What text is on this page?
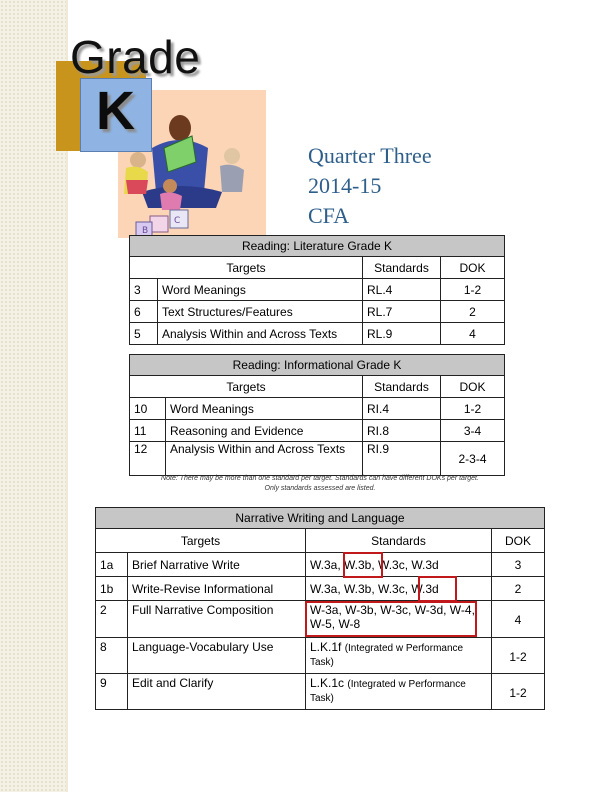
K
Grade
B
C
Quarter Three
2014-15
CFA
Reading: Literature Grade K			
Targets		Standards	DOK
3	Word Meanings	RL.4	1-2
6	Text Structures/Features	RL.7	2
5	Analysis Within and Across Texts	RL.9	4
Reading: Informational Grade K			
Targets		Standards	DOK
10	Word Meanings	RI.4	1-2
11	Reasoning and Evidence	RI.8	3-4
12	Analysis Within and Across Texts	RI.9	2-3-4
Note: There may be more than one standard per target. Standards can have different DOKs per target.
Only standards assessed are listed.
Narrative Writing and Language			
Targets		Standards	DOK
1a	Brief Narrative Write	W.3a, W.3b, W.3c, W.3d	3
1b	Write-Revise Informational	W.3a, W.3b, W.3c, W.3d	2
2	Full Narrative Composition	W-3a, W-3b, W-3c, W-3d, W-4, W-5, W-8	4
8	Language-Vocabulary Use	L.K.1f (Integrated w Performance Task)	1-2
9	Edit and Clarify	L.K.1c (Integrated w Performance Task)	1-2
